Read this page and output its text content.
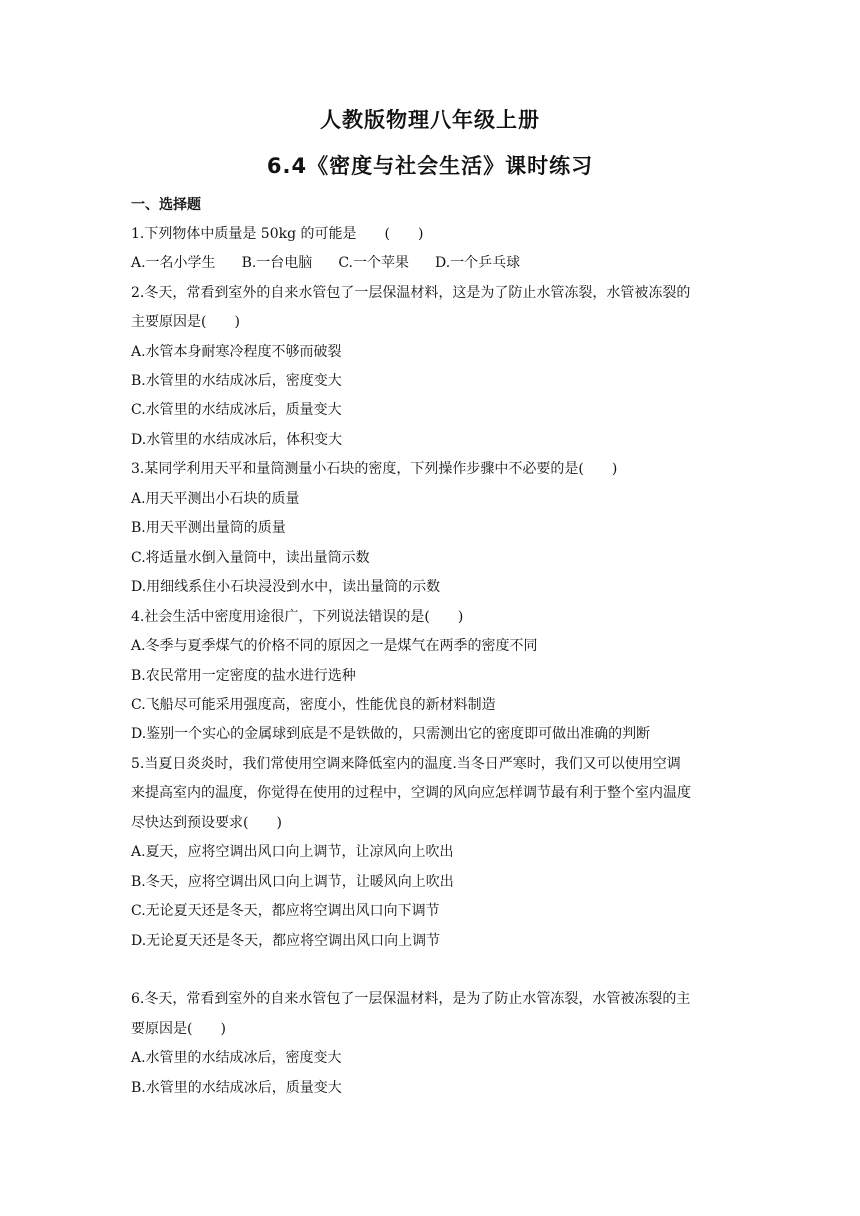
人教版物理八年级上册
6.4《密度与社会生活》课时练习
一、选择题
1.下列物体中质量是 50kg 的可能是　　(　　)
A.一名小学生 B.一台电脑 C.一个苹果 D.一个乒乓球
2.冬天，常看到室外的自来水管包了一层保温材料，这是为了防止水管冻裂，水管被冻裂的
主要原因是(　　)
A.水管本身耐寒冷程度不够而破裂
B.水管里的水结成冰后，密度变大
C.水管里的水结成冰后，质量变大
D.水管里的水结成冰后，体积变大
3.某同学利用天平和量筒测量小石块的密度，下列操作步骤中不必要的是(　　)
A.用天平测出小石块的质量
B.用天平测出量筒的质量
C.将适量水倒入量筒中，读出量筒示数
D.用细线系住小石块浸没到水中，读出量筒的示数
4.社会生活中密度用途很广，下列说法错误的是(　　)
A.冬季与夏季煤气的价格不同的原因之一是煤气在两季的密度不同
B.农民常用一定密度的盐水进行选种
C.飞船尽可能采用强度高，密度小，性能优良的新材料制造
D.鉴别一个实心的金属球到底是不是铁做的，只需测出它的密度即可做出准确的判断
5.当夏日炎炎时，我们常使用空调来降低室内的温度.当冬日严寒时，我们又可以使用空调
来提高室内的温度，你觉得在使用的过程中，空调的风向应怎样调节最有利于整个室内温度
尽快达到预设要求(　　)
A.夏天，应将空调出风口向上调节，让凉风向上吹出
B.冬天，应将空调出风口向上调节，让暖风向上吹出
C.无论夏天还是冬天，都应将空调出风口向下调节
D.无论夏天还是冬天，都应将空调出风口向上调节
6.冬天，常看到室外的自来水管包了一层保温材料，是为了防止水管冻裂，水管被冻裂的主
要原因是(　　)
A.水管里的水结成冰后，密度变大
B.水管里的水结成冰后，质量变大
